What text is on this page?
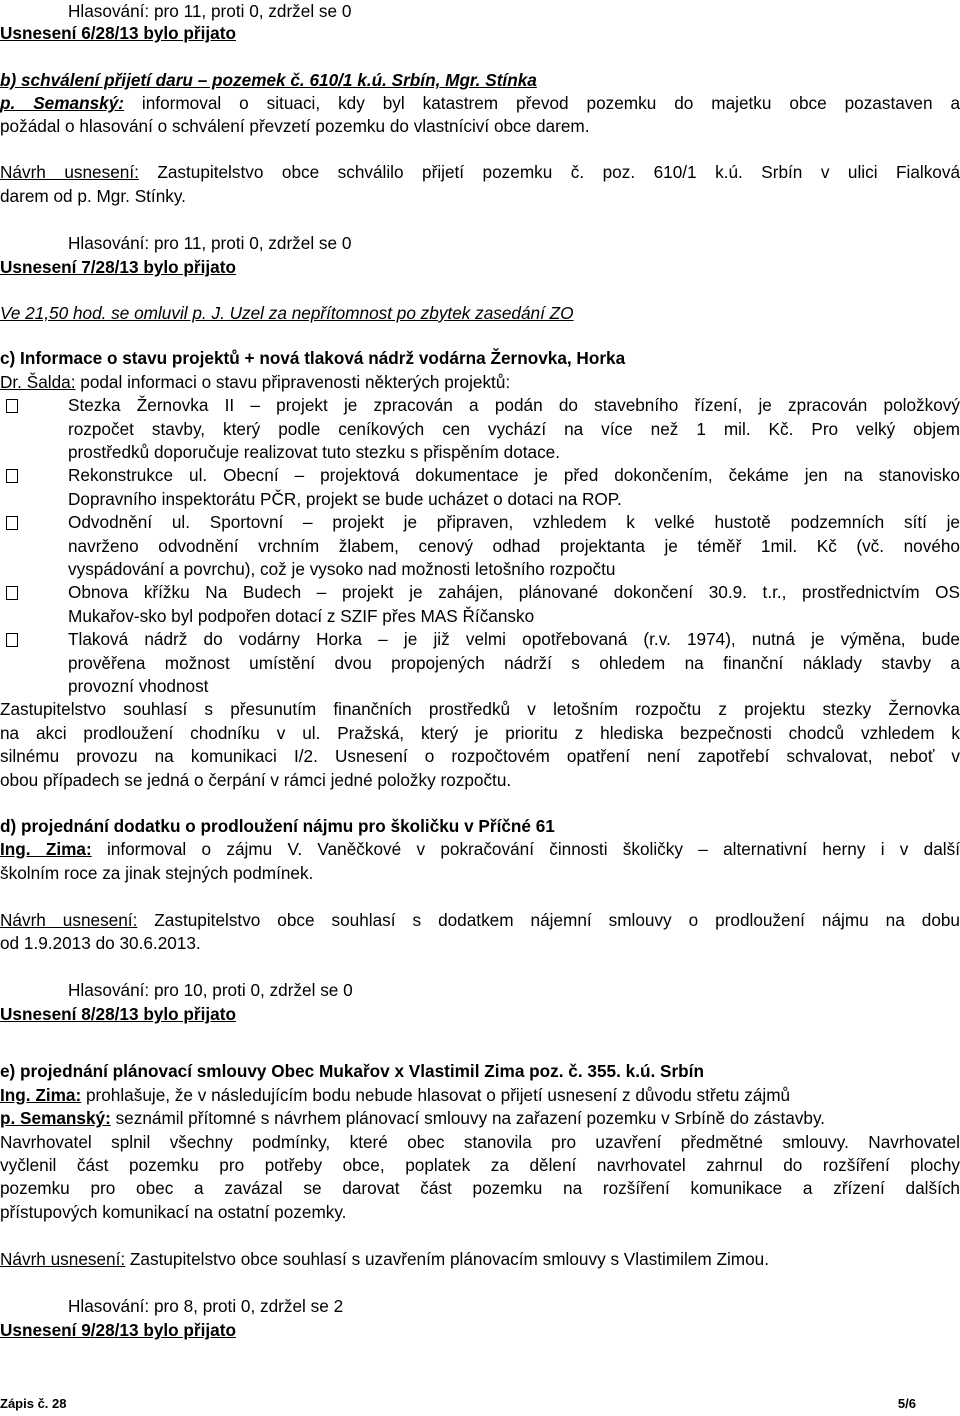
Hlasování: pro 11, proti 0, zdržel se 0
Usnesení 6/28/13 bylo přijato
b) schválení přijetí daru – pozemek č. 610/1 k.ú. Srbín, Mgr. Stínka
p. Semanský: informoval o situaci, kdy byl katastrem převod pozemku do majetku obce pozastaven a
požádal o hlasování o schválení převzetí pozemku do vlastníciví obce darem.
Návrh usnesení: Zastupitelstvo obce schválilo přijetí pozemku č. poz. 610/1 k.ú. Srbín v ulici Fialková
darem od p. Mgr. Stínky.
Hlasování: pro 11, proti 0, zdržel se 0
Usnesení 7/28/13 bylo přijato
Ve 21,50 hod. se omluvil p. J. Uzel za nepřítomnost po zbytek zasedání ZO
c) Informace o stavu projektů + nová tlaková nádrž vodárna Žernovka, Horka
Dr. Šalda: podal informaci o stavu připravenosti některých projektů:
Stezka Žernovka II – projekt je zpracován a podán do stavebního řízení, je zpracován položkový
rozpočet stavby, který podle ceníkových cen vychází na více než 1 mil. Kč. Pro velký objem
prostředků doporučuje realizovat tuto stezku s přispěním dotace.
Rekonstrukce ul. Obecní – projektová dokumentace je před dokončením, čekáme jen na stanovisko
Dopravního inspektorátu PČR, projekt se bude ucházet o dotaci na ROP.
Odvodnění ul. Sportovní – projekt je připraven, vzhledem k velké hustotě podzemních sítí je
navrženo odvodnění vrchním žlabem, cenový odhad projektanta je téměř 1mil. Kč (vč. nového
vyspádování a povrchu), což je vysoko nad možnosti letošního rozpočtu
Obnova křížku Na Budech – projekt je zahájen, plánované dokončení 30.9. t.r., prostřednictvím OS
Mukařov-sko byl podpořen dotací z SZIF přes MAS Říčansko
Tlaková nádrž do vodárny Horka – je již velmi opotřebovaná (r.v. 1974), nutná je výměna, bude
prověřena možnost umístění dvou propojených nádrží s ohledem na finanční náklady stavby a
provozní vhodnost
Zastupitelstvo souhlasí s přesunutím finančních prostředků v letošním rozpočtu z projektu stezky Žernovka
na akci prodloužení chodníku v ul. Pražská, který je prioritu z hlediska bezpečnosti chodců vzhledem k
silnému provozu na komunikaci I/2. Usnesení o rozpočtovém opatření není zapotřebí schvalovat, neboť v
obou případech se jedná o čerpání v rámci jedné položky rozpočtu.
d) projednání dodatku o prodloužení nájmu pro školičku v Příčné 61
Ing. Zima: informoval o zájmu V. Vaněčkové v pokračování činnosti školičky – alternativní herny i v další
školním roce za jinak stejných podmínek.
Návrh usnesení: Zastupitelstvo obce souhlasí s dodatkem nájemní smlouvy o prodloužení nájmu na dobu
od 1.9.2013 do 30.6.2013.
Hlasování: pro 10, proti 0, zdržel se 0
Usnesení 8/28/13 bylo přijato
e) projednání plánovací smlouvy Obec Mukařov x Vlastimil Zima poz. č. 355. k.ú. Srbín
Ing. Zima: prohlašuje, že v následujícím bodu nebude hlasovat o přijetí usnesení z důvodu střetu zájmů
p. Semanský: seznámil přítomné s návrhem plánovací smlouvy na zařazení pozemku v Srbíně do zástavby.
Navrhovatel splnil všechny podmínky, které obec stanovila pro uzavření předmětné smlouvy. Navrhovatel
vyčlenil část pozemku pro potřeby obce, poplatek za dělení navrhovatel zahrnul do rozšíření plochy
pozemku pro obec a zavázal se darovat část pozemku na rozšíření komunikace a zřízení dalších
přístupových komunikací na ostatní pozemky.
Návrh usnesení: Zastupitelstvo obce souhlasí s uzavřením plánovacím smlouvy s Vlastimilem Zimou.
Hlasování: pro 8, proti 0, zdržel se 2
Usnesení 9/28/13 bylo přijato
Zápis č. 28	5/6
